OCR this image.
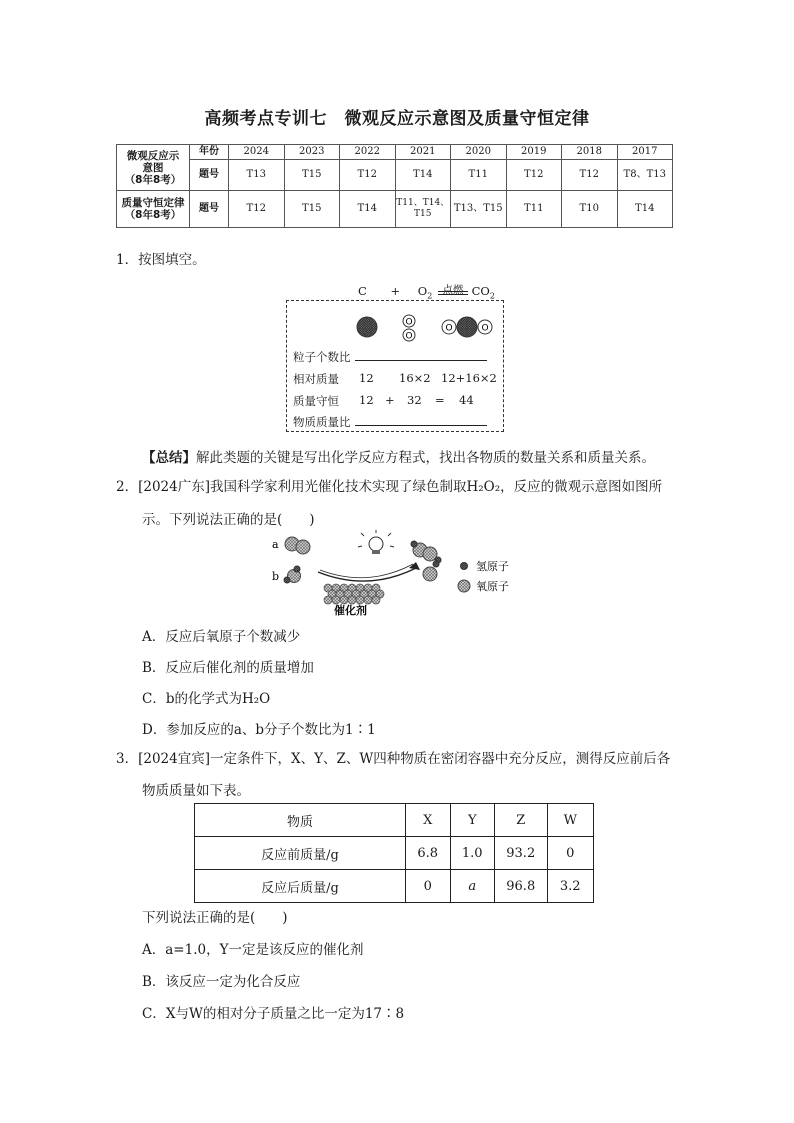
高频考点专训七　微观反应示意图及质量守恒定律
微观反应示
意图
（8年8考）	年份	2024	2023	2022	2021	2020	2019	2018	2017
	题号	T13	T15	T12	T14	T11	T12	T12	T8、T13
质量守恒定律
（8年8考）	题号	T12	T15	T14	T11、T14、T15	T13、T15	T11	T10	T14
1．按图填空。
$C + O_2$ 点燃 $CO_2$
O
O
O	O
粒子个数比
相对质量 12 16×2 12+16×2
质量守恒 12 + 32 = 44
物质质量比
【总结】解此类题的关键是写出化学反应方程式，找出各物质的数量关系和质量关系。
2．[2024广东]我国科学家利用光催化技术实现了绿色制取H₂O₂，反应的微观示意图如图所
示。下列说法正确的是(　　)
a
b
氢原子
氧原子
催化剂
A．反应后氧原子个数减少
B．反应后催化剂的质量增加
C．b的化学式为H₂O
D．参加反应的a、b分子个数比为1∶1
3．[2024宜宾]一定条件下，X、Y、Z、W四种物质在密闭容器中充分反应，测得反应前后各
物质质量如下表。
物质	X	Y	Z	W
反应前质量/g	6.8	1.0	93.2	0
反应后质量/g	0	a	96.8	3.2
下列说法正确的是(　　)
A．a=1.0，Y一定是该反应的催化剂
B．该反应一定为化合反应
C．X与W的相对分子质量之比一定为17∶8
